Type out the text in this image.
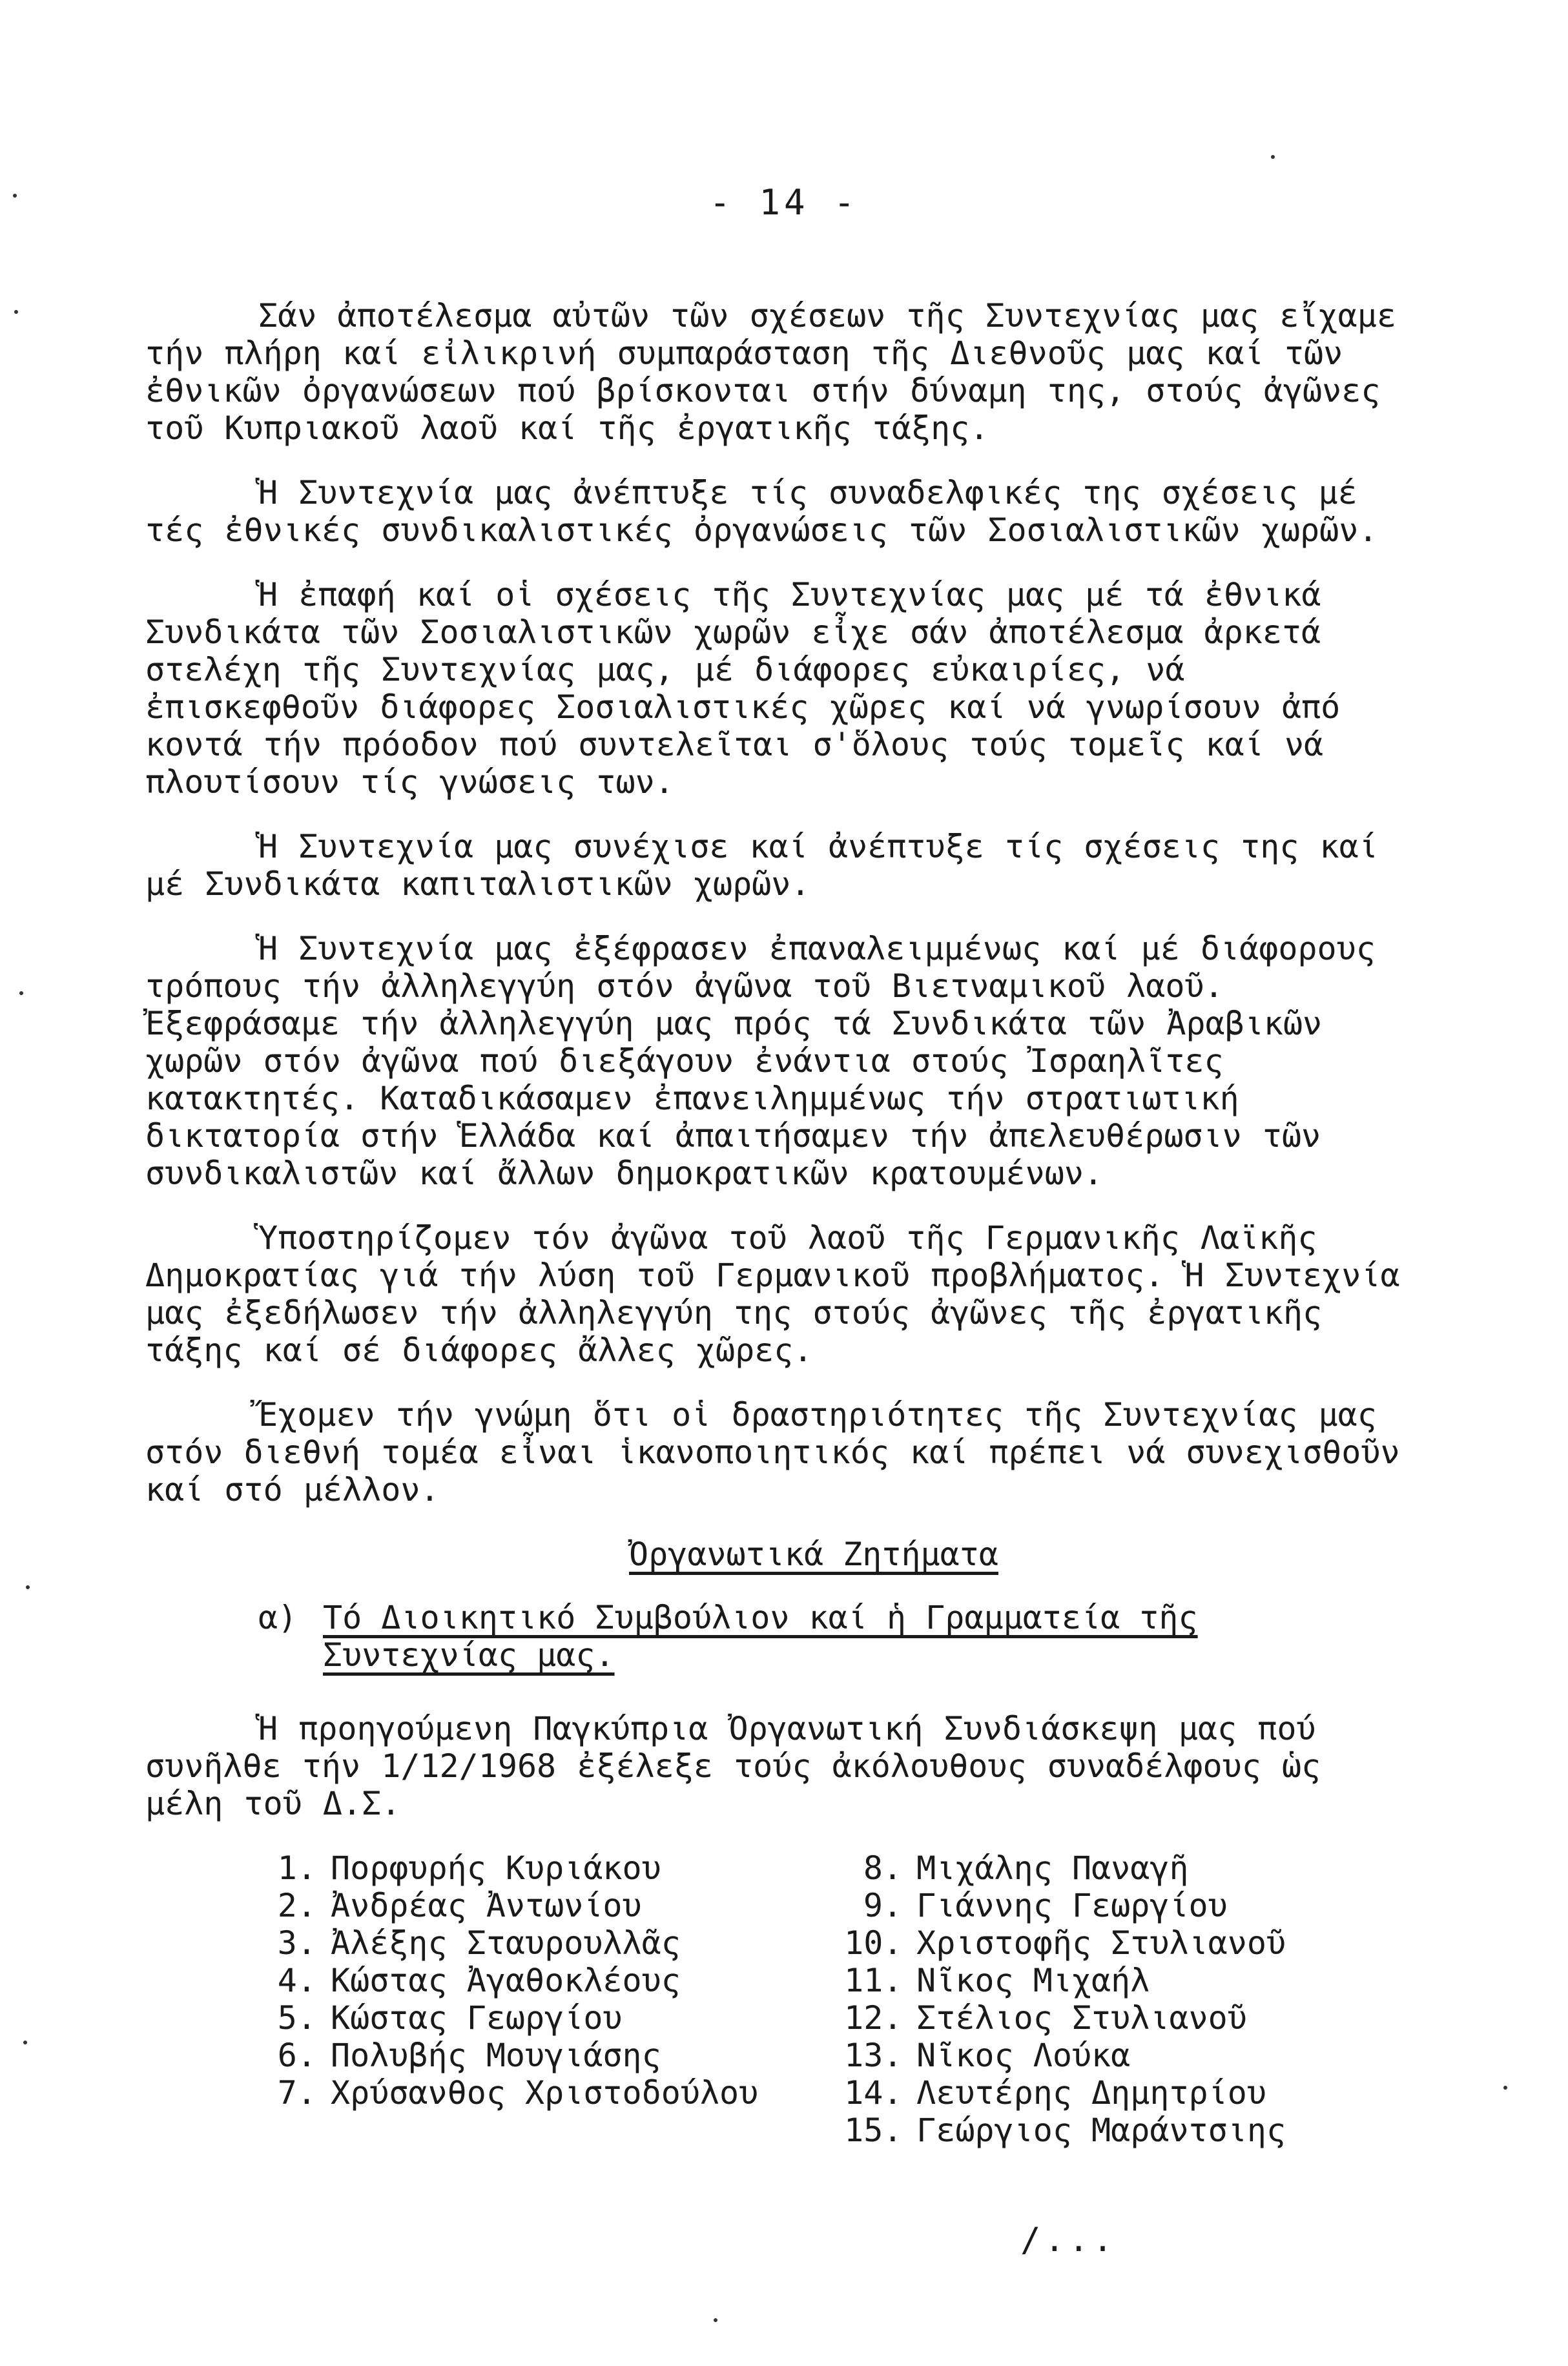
- 14 -

Σάν ἀποτέλεσμα αὐτῶν τῶν σχέσεων τῆς Συντεχνίας μας εἴχαμε τήν πλήρη καί εἰλικρινή συμπαράσταση τῆς Διεθνοῦς μας καί τῶν ἐθνικῶν ὀργανώσεων πού βρίσκονται στήν δύναμη της, στούς ἀγῶνες τοῦ Κυπριακοῦ λαοῦ καί τῆς ἐργατικῆς τάξης.

Ἡ Συντεχνία μας ἀνέπτυξε τίς συναδελφικές της σχέσεις μέ τές ἐθνικές συνδικαλιστικές ὀργανώσεις τῶν Σοσιαλιστικῶν χωρῶν.

Ἡ ἐπαφή καί οἱ σχέσεις τῆς Συντεχνίας μας μέ τά ἐθνικά Συνδικάτα τῶν Σοσιαλιστικῶν χωρῶν εἶχε σάν ἀποτέλεσμα ἀρκετά στελέχη τῆς Συντεχνίας μας, μέ διάφορες εὐκαιρίες, νά ἐπισκεφθοῦν διάφορες Σοσιαλιστικές χῶρες καί νά γνωρίσουν ἀπό κοντά τήν πρόοδον πού συντελεῖται σ'ὅλους τούς τομεῖς καί νά πλουτίσουν τίς γνώσεις των.

Ἡ Συντεχνία μας συνέχισε καί ἀνέπτυξε τίς σχέσεις της καί μέ Συνδικάτα καπιταλιστικῶν χωρῶν.

Ἡ Συντεχνία μας ἐξέφρασεν ἐπαναλειμμένως καί μέ διάφορους τρόπους τήν ἀλληλεγγύη στόν ἀγῶνα τοῦ Βιετναμικοῦ λαοῦ. Ἐξεφράσαμε τήν ἀλληλεγγύη μας πρός τά Συνδικάτα τῶν Ἀραβικῶν χωρῶν στόν ἀγῶνα πού διεξάγουν ἐνάντια στούς Ἰσραηλῖτες κατακτητές. Καταδικάσαμεν ἐπανειλημμένως τήν στρατιωτική δικτατορία στήν Ἑλλάδα καί ἀπαιτήσαμεν τήν ἀπελευθέρωσιν τῶν συνδικαλιστῶν καί ἄλλων δημοκρατικῶν κρατουμένων.

Ὑποστηρίζομεν τόν ἀγῶνα τοῦ λαοῦ τῆς Γερμανικῆς Λαϊκῆς Δημοκρατίας γιά τήν λύση τοῦ Γερμανικοῦ προβλήματος. Ἡ Συντεχνία μας ἐξεδήλωσεν τήν ἀλληλεγγύη της στούς ἀγῶνες τῆς ἐργατικῆς τάξης καί σέ διάφορες ἄλλες χῶρες.

Ἔχομεν τήν γνώμη ὅτι οἱ δραστηριότητες τῆς Συντεχνίας μας στόν διεθνή τομέα εἶναι ἱκανοποιητικός καί πρέπει νά συνεχισθοῦν καί στό μέλλον.

Ὀργανωτικά Ζητήματα
α) Τό Διοικητικό Συμβούλιον καί ἡ Γραμματεία τῆς Συντεχνίας μας.

Ἡ προηγούμενη Παγκύπρια Ὀργανωτική Συνδιάσκεψη μας πού συνῆλθε τήν 1/12/1968 ἐξέλεξε τούς ἀκόλουθους συναδέλφους ὡς μέλη τοῦ Δ.Σ.

1. Πορφυρής Κυριάκου
2. Ἀνδρέας Ἀντωνίου
3. Ἀλέξης Σταυρουλλᾶς
4. Κώστας Ἀγαθοκλέους
5. Κώστας Γεωργίου
6. Πολυβής Μουγιάσης
7. Χρύσανθος Χριστοδούλου
8. Μιχάλης Παναγῆ
9. Γιάννης Γεωργίου
10. Χριστοφῆς Στυλιανοῦ
11. Νῖκος Μιχαήλ
12. Στέλιος Στυλιανοῦ
13. Νῖκος Λούκα
14. Λευτέρης Δημητρίου
15. Γεώργιος Μαράντσιης
/...
